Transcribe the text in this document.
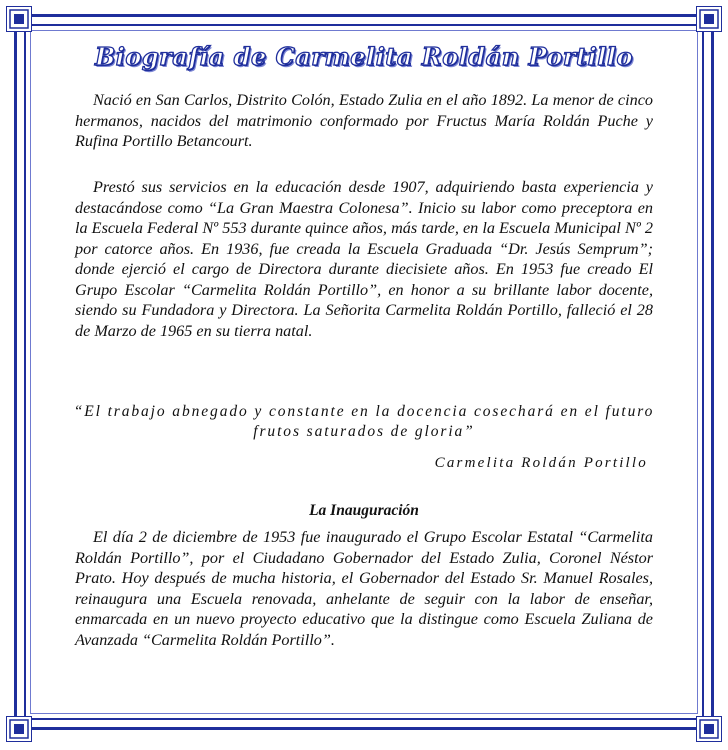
Biografía de Carmelita Roldán Portillo

Nació en San Carlos, Distrito Colón, Estado Zulia en el año 1892. La menor de cinco hermanos, nacidos del matrimonio conformado por Fructus María Roldán Puche y Rufina Portillo Betancourt.

Prestó sus servicios en la educación desde 1907, adquiriendo basta experiencia y destacándose como “La Gran Maestra Colonesa”. Inicio su labor como preceptora en la Escuela Federal Nº 553 durante quince años, más tarde, en la Escuela Municipal Nº 2 por catorce años. En 1936, fue creada la Escuela Graduada “Dr. Jesús Semprum”; donde ejerció el cargo de Directora durante diecisiete años. En 1953 fue creado El Grupo Escolar “Carmelita Roldán Portillo”, en honor a su brillante labor docente, siendo su Fundadora y Directora. La Señorita Carmelita Roldán Portillo, falleció el 28 de Marzo de 1965 en su tierra natal.

“El trabajo abnegado y constante en la docencia cosechará en el futuro frutos saturados de gloria”

Carmelita Roldán Portillo

La Inauguración

El día 2 de diciembre de 1953 fue inaugurado el Grupo Escolar Estatal “Carmelita Roldán Portillo”, por el Ciudadano Gobernador del Estado Zulia, Coronel Néstor Prato. Hoy después de mucha historia, el Gobernador del Estado Sr. Manuel Rosales, reinaugura una Escuela renovada, anhelante de seguir con la labor de enseñar, enmarcada en un nuevo proyecto educativo que la distingue como Escuela Zuliana de Avanzada “Carmelita Roldán Portillo”.
